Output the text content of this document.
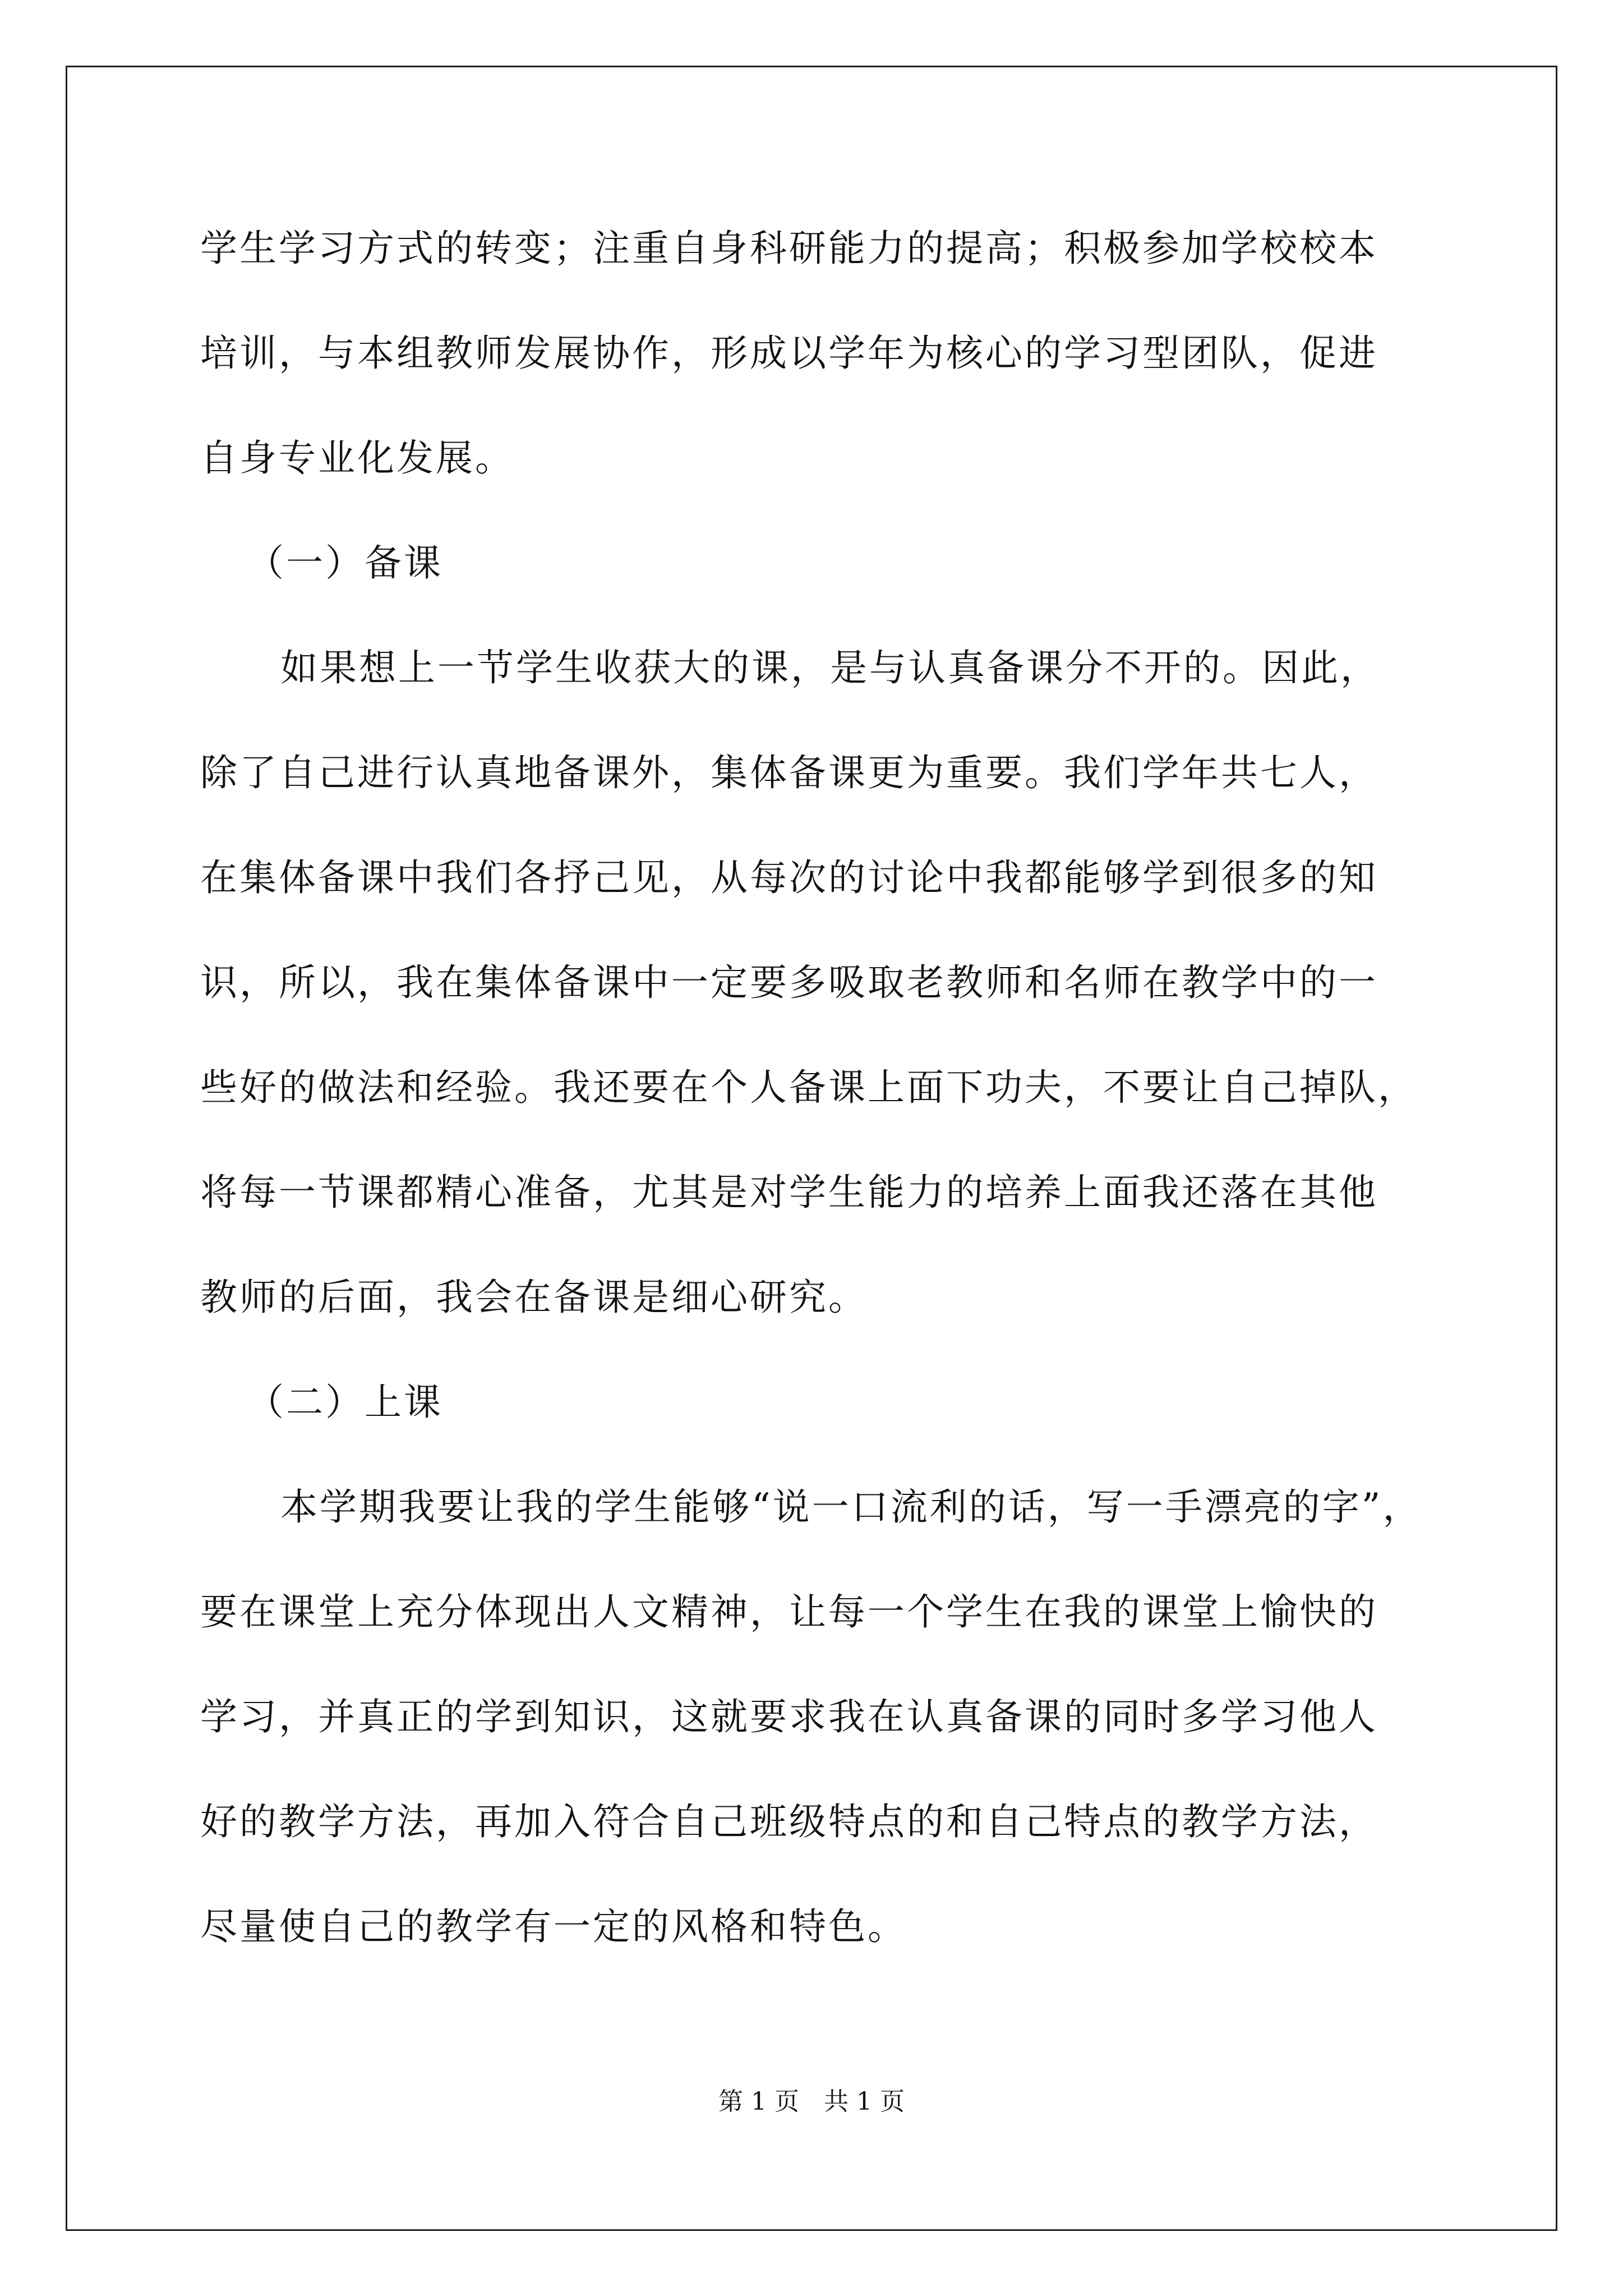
学生学习方式的转变；注重自身科研能力的提高；积极参加学校校本
培训，与本组教师发展协作，形成以学年为核心的学习型团队，促进
自身专业化发展。
（一）备课
如果想上一节学生收获大的课，是与认真备课分不开的。因此，
除了自己进行认真地备课外，集体备课更为重要。我们学年共七人，
在集体备课中我们各抒己见，从每次的讨论中我都能够学到很多的知
识，所以，我在集体备课中一定要多吸取老教师和名师在教学中的一
些好的做法和经验。我还要在个人备课上面下功夫，不要让自己掉队，
将每一节课都精心准备，尤其是对学生能力的培养上面我还落在其他
教师的后面，我会在备课是细心研究。
（二）上课
本学期我要让我的学生能够“说一口流利的话，写一手漂亮的字”，
要在课堂上充分体现出人文精神，让每一个学生在我的课堂上愉快的
学习，并真正的学到知识，这就要求我在认真备课的同时多学习他人
好的教学方法，再加入符合自己班级特点的和自己特点的教学方法，
尽量使自己的教学有一定的风格和特色。
第 1 页　共 1 页
